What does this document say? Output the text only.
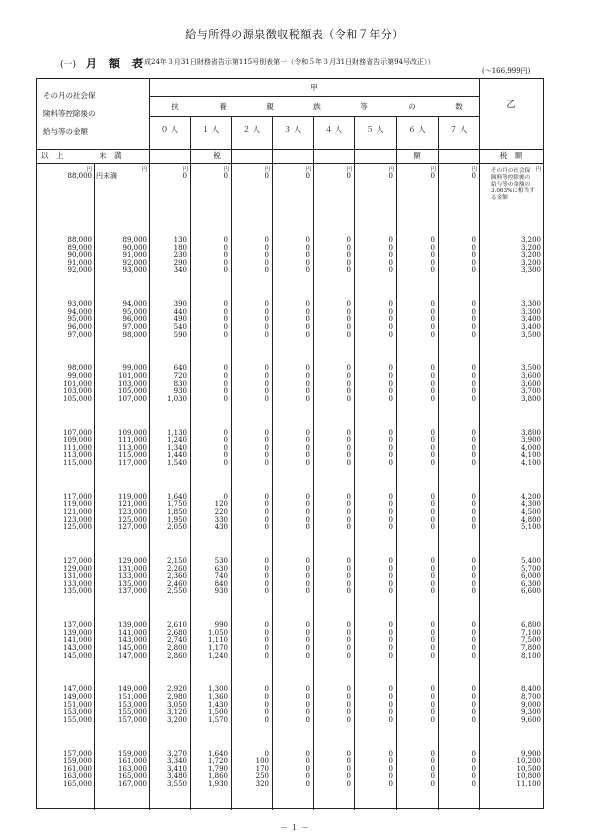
給与所得の源泉徴収税額表（令和７年分）
(一) 月 額 表
（平成24年３月31日財務省告示第115号別表第一（令和５年３月31日財務省告示第94号改正））
(～166,999円)
その月の社会保
険料等控除後の
給与等の金額
甲
扶	養	親	族	等	の	数	乙
０ 人	１ 人	２ 人	３ 人	４ 人	５ 人	６ 人	７ 人
以　上	未　満	税	額	税　額
その月の社会保険料等控除後の給与等の金額の3.063%に相当する金額
円	円	円	円	円	円	円	円	円	円	円
88,000 円未満	0	0	0	0	0	0	0	0
88,000	89,000	130	0	0	0	0	0	0	0	3,200
89,000	90,000	180	0	0	0	0	0	0	0	3,200
90,000	91,000	230	0	0	0	0	0	0	0	3,200
91,000	92,000	290	0	0	0	0	0	0	0	3,200
92,000	93,000	340	0	0	0	0	0	0	0	3,300
93,000	94,000	390	0	0	0	0	0	0	0	3,300
94,000	95,000	440	0	0	0	0	0	0	0	3,300
95,000	96,000	490	0	0	0	0	0	0	0	3,400
96,000	97,000	540	0	0	0	0	0	0	0	3,400
97,000	98,000	590	0	0	0	0	0	0	0	3,500
98,000	99,000	640	0	0	0	0	0	0	0	3,500
99,000	101,000	720	0	0	0	0	0	0	0	3,600
101,000	103,000	830	0	0	0	0	0	0	0	3,600
103,000	105,000	930	0	0	0	0	0	0	0	3,700
105,000	107,000	1,030	0	0	0	0	0	0	0	3,800
107,000	109,000	1,130	0	0	0	0	0	0	0	3,800
109,000	111,000	1,240	0	0	0	0	0	0	0	3,900
111,000	113,000	1,340	0	0	0	0	0	0	0	4,000
113,000	115,000	1,440	0	0	0	0	0	0	0	4,100
115,000	117,000	1,540	0	0	0	0	0	0	0	4,100
117,000	119,000	1,640	0	0	0	0	0	0	0	4,200
119,000	121,000	1,750	120	0	0	0	0	0	0	4,300
121,000	123,000	1,850	220	0	0	0	0	0	0	4,500
123,000	125,000	1,950	330	0	0	0	0	0	0	4,800
125,000	127,000	2,050	430	0	0	0	0	0	0	5,100
127,000	129,000	2,150	530	0	0	0	0	0	0	5,400
129,000	131,000	2,260	630	0	0	0	0	0	0	5,700
131,000	133,000	2,360	740	0	0	0	0	0	0	6,000
133,000	135,000	2,460	840	0	0	0	0	0	0	6,300
135,000	137,000	2,550	930	0	0	0	0	0	0	6,600
137,000	139,000	2,610	990	0	0	0	0	0	0	6,800
139,000	141,000	2,680	1,050	0	0	0	0	0	0	7,100
141,000	143,000	2,740	1,110	0	0	0	0	0	0	7,500
143,000	145,000	2,800	1,170	0	0	0	0	0	0	7,800
145,000	147,000	2,860	1,240	0	0	0	0	0	0	8,100
147,000	149,000	2,920	1,300	0	0	0	0	0	0	8,400
149,000	151,000	2,980	1,360	0	0	0	0	0	0	8,700
151,000	153,000	3,050	1,430	0	0	0	0	0	0	9,000
153,000	155,000	3,120	1,500	0	0	0	0	0	0	9,300
155,000	157,000	3,200	1,570	0	0	0	0	0	0	9,600
157,000	159,000	3,270	1,640	0	0	0	0	0	0	9,900
159,000	161,000	3,340	1,720	100	0	0	0	0	0	10,200
161,000	163,000	3,410	1,790	170	0	0	0	0	0	10,500
163,000	165,000	3,480	1,860	250	0	0	0	0	0	10,800
165,000	167,000	3,550	1,930	320	0	0	0	0	0	11,100
－ １ －
